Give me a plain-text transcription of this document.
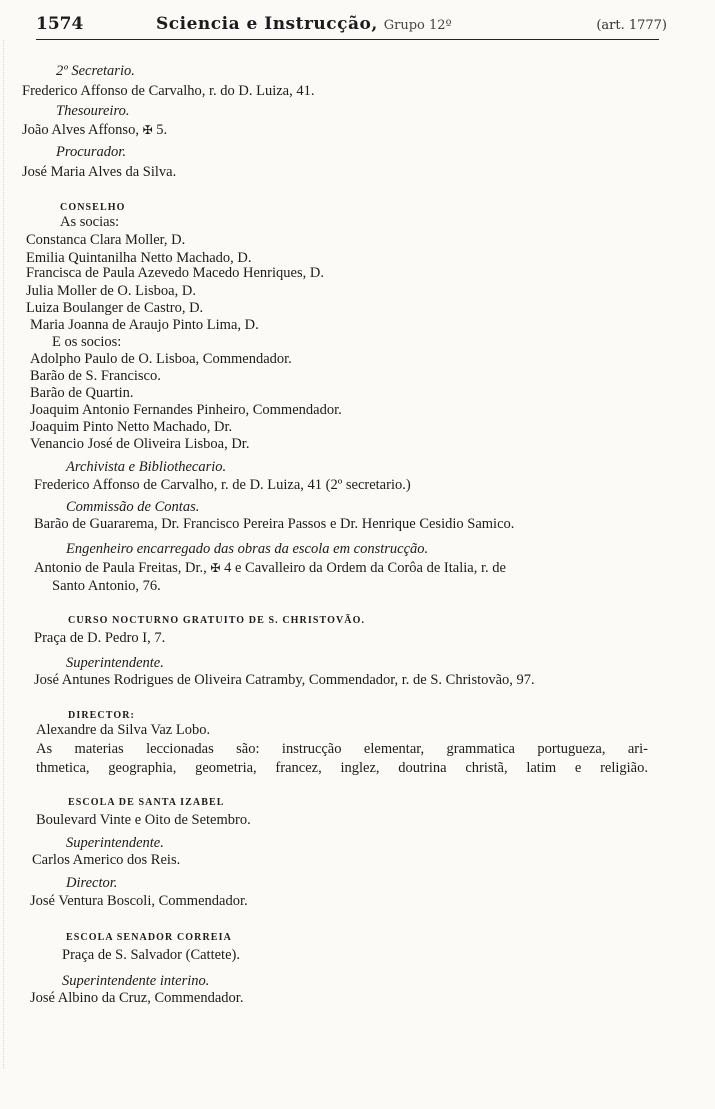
1574	Sciencia e Instrucção, Grupo 12º	(art. 1777)
2º Secretario.
Frederico Affonso de Carvalho, r. do D. Luiza, 41.
Thesoureiro.
João Alves Affonso, ✠ 5.
Procurador.
José Maria Alves da Silva.
CONSELHO
As socias:
Constanca Clara Moller, D.
Emilia Quintanilha Netto Machado, D.
Francisca de Paula Azevedo Macedo Henriques, D.
Julia Moller de O. Lisboa, D.
Luiza Boulanger de Castro, D.
Maria Joanna de Araujo Pinto Lima, D.
E os socios:
Adolpho Paulo de O. Lisboa, Commendador.
Barão de S. Francisco.
Barão de Quartin.
Joaquim Antonio Fernandes Pinheiro, Commendador.
Joaquim Pinto Netto Machado, Dr.
Venancio José de Oliveira Lisboa, Dr.
Archivista e Bibliothecario.
Frederico Affonso de Carvalho, r. de D. Luiza, 41 (2º secretario.)
Commissão de Contas.
Barão de Guararema, Dr. Francisco Pereira Passos e Dr. Henrique Cesidio Samico.
Engenheiro encarregado das obras da escola em construcção.
Antonio de Paula Freitas, Dr., ✠ 4 e Cavalleiro da Ordem da Corôa de Italia, r. de
Santo Antonio, 76.
CURSO NOCTURNO GRATUITO DE S. CHRISTOVÃO.
Praça de D. Pedro I, 7.
Superintendente.
José Antunes Rodrigues de Oliveira Catramby, Commendador, r. de S. Christovão, 97.
DIRECTOR:
Alexandre da Silva Vaz Lobo.
As materias leccionadas são: instrucção elementar, grammatica portugueza, ari-
thmetica, geographia, geometria, francez, inglez, doutrina christã, latim e religião.
ESCOLA DE SANTA IZABEL
Boulevard Vinte e Oito de Setembro.
Superintendente.
Carlos Americo dos Reis.
Director.
José Ventura Boscoli, Commendador.
ESCOLA SENADOR CORREIA
Praça de S. Salvador (Cattete).
Superintendente interino.
José Albino da Cruz, Commendador.
